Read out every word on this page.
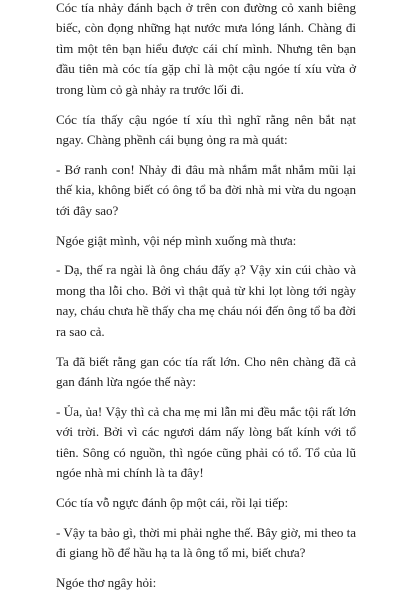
Cóc tía nhảy đánh bạch ở trên con đường cỏ xanh biêng biếc, còn đọng những hạt nước mưa lóng lánh. Chàng đi tìm một tên bạn hiểu được cái chí mình. Nhưng tên bạn đầu tiên mà cóc tía gặp chỉ là một cậu ngóe tí xíu vừa ở trong lùm cỏ gà nhảy ra trước lối đi.

Cóc tía thấy cậu ngóe tí xíu thì nghĩ rằng nên bắt nạt ngay. Chàng phềnh cái bụng ỏng ra mà quát:

- Bớ ranh con! Nhảy đi đâu mà nhắm mắt nhắm mũi lại thế kia, không biết có ông tổ ba đời nhà mi vừa du ngoạn tới đây sao?

Ngóe giật mình, vội nép mình xuống mà thưa:

- Dạ, thế ra ngài là ông cháu đấy ạ? Vậy xin cúi chào và mong tha lỗi cho. Bởi vì thật quả từ khi lọt lòng tới ngày nay, cháu chưa hề thấy cha mẹ cháu nói đến ông tổ ba đời ra sao cả.

Ta đã biết rằng gan cóc tía rất lớn. Cho nên chàng đã cả gan đánh lừa ngóe thế này:

- Ủa, ủa! Vậy thì cả cha mẹ mi lẫn mi đều mắc tội rất lớn với trời. Bởi vì các ngươi dám nấy lòng bất kính với tổ tiên. Sông có nguồn, thì ngóe cũng phải có tổ. Tổ của lũ ngóe nhà mi chính là ta đây!

Cóc tía vỗ ngực đánh ộp một cái, rồi lại tiếp:

- Vậy ta bảo gì, thời mi phải nghe thế. Bây giờ, mi theo ta đi giang hồ để hầu hạ ta là ông tổ mi, biết chưa?

Ngóe thơ ngây hỏi:
